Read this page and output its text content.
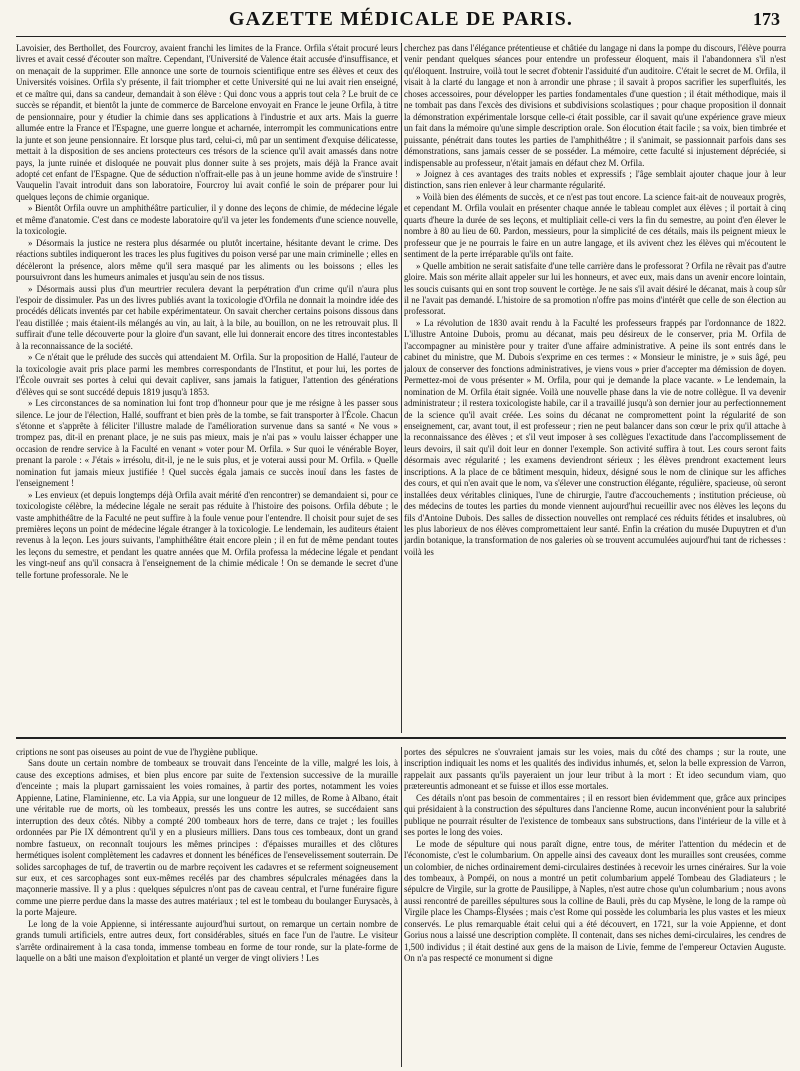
GAZETTE MÉDICALE DE PARIS.	173

Lavoisier, des Berthollet, des Fourcroy, avaient franchi les limites de la France. Orfila s'était procuré leurs livres et avait cessé d'écouter son maître. Cependant, l'Université de Valence était accusée d'insuffisance, et on menaçait de la supprimer. Elle annonce une sorte de tournois scientifique entre ses élèves et ceux des Universités voisines. Orfila s'y présente, il fait triompher et cette Université qui ne lui avait rien enseigné, et ce maître qui, dans sa candeur, demandait à son élève : Qui donc vous a appris tout cela ? Le bruit de ce succès se répandit, et bientôt la junte de commerce de Barcelone envoyait en France le jeune Orfila, à titre de pensionnaire, pour y étudier la chimie dans ses applications à l'industrie et aux arts. Mais la guerre allumée entre la France et l'Espagne, une guerre longue et acharnée, interrompit les communications entre la junte et son jeune pensionnaire. Et lorsque plus tard, celui-ci, mû par un sentiment d'exquise délicatesse, mettait à la disposition de ses anciens protecteurs ces trésors de la science qu'il avait amassés dans notre pays, la junte ruinée et disloquée ne pouvait plus donner suite à ses projets, mais déjà la France avait adopté cet enfant de l'Espagne. Que de séduction n'offrait-elle pas à un jeune homme avide de s'instruire ! Vauquelin l'avait introduit dans son laboratoire, Fourcroy lui avait confié le soin de préparer pour lui quelques leçons de chimie organique.

» Bientôt Orfila ouvre un amphithéâtre particulier, il y donne des leçons de chimie, de médecine légale et même d'anatomie. C'est dans ce modeste laboratoire qu'il va jeter les fondements d'une science nouvelle, la toxicologie.

» Désormais la justice ne restera plus désarmée ou plutôt incertaine, hésitante devant le crime. Des réactions subtiles indiqueront les traces les plus fugitives du poison versé par une main criminelle ; elles en décèleront la présence, alors même qu'il sera masqué par les aliments ou les boissons ; elles les poursuivront dans les humeurs animales et jusqu'au sein de nos tissus.

» Désormais aussi plus d'un meurtrier reculera devant la perpétration d'un crime qu'il n'aura plus l'espoir de dissimuler. Pas un des livres publiés avant la toxicologie d'Orfila ne donnait la moindre idée des procédés délicats inventés par cet habile expérimentateur. On savait chercher certains poisons dissous dans l'eau distillée ; mais étaient-ils mélangés au vin, au lait, à la bile, au bouillon, on ne les retrouvait plus. Il suffirait d'une telle découverte pour la gloire d'un savant, elle lui donnerait encore des titres incontestables à la reconnaissance de la société.

» Ce n'était que le prélude des succès qui attendaient M. Orfila. Sur la proposition de Hallé, l'auteur de la toxicologie avait pris place parmi les membres correspondants de l'Institut, et pour lui, les portes de l'École ouvrait ses portes à celui qui devait capliver, sans jamais la fatiguer, l'attention des générations d'élèves qui se sont succédé depuis 1819 jusqu'à 1853.

» Les circonstances de sa nomination lui font trop d'honneur pour que je me résigne à les passer sous silence. Le jour de l'élection, Hallé, souffrant et bien près de la tombe, se fait transporter à l'École. Chacun s'étonne et s'apprête à féliciter l'illustre malade de l'amélioration survenue dans sa santé « Ne vous » trompez pas, dit-il en prenant place, je ne suis pas mieux, mais je n'ai pas » voulu laisser échapper une occasion de rendre service à la Faculté en venant » voter pour M. Orfila. » Sur quoi le vénérable Boyer, prenant la parole : « J'étais » irrésolu, dit-il, je ne le suis plus, et je voterai aussi pour M. Orfila. » Quelle nomination fut jamais mieux justifiée ! Quel succès égala jamais ce succès inouï dans les fastes de l'enseignement !

» Les envieux (et depuis longtemps déjà Orfila avait mérité d'en rencontrer) se demandaient si, pour ce toxicologiste célèbre, la médecine légale ne serait pas réduite à l'histoire des poisons. Orfila débute ; le vaste amphithéâtre de la Faculté ne peut suffire à la foule venue pour l'entendre. Il choisit pour sujet de ses premières leçons un point de médecine légale étranger à la toxicologie. Le lendemain, les auditeurs étaient revenus à la leçon. Les jours suivants, l'amphithéâtre était encore plein ; il en fut de même pendant toutes les leçons du semestre, et pendant les quatre années que M. Orfila professa la médecine légale et pendant les vingt-neuf ans qu'il consacra à l'enseignement de la chimie médicale ! On se demande le secret d'une telle fortune professorale. Ne le

cherchez pas dans l'élégance prétentieuse et châtiée du langage ni dans la pompe du discours, l'élève pourra venir pendant quelques séances pour entendre un professeur éloquent, mais il l'abandonnera s'il n'est qu'éloquent. Instruire, voilà tout le secret d'obtenir l'assiduité d'un auditoire. C'était le secret de M. Orfila, il visait à la clarté du langage et non à arrondir une phrase ; il savait à propos sacrifier les superfluités, les choses accessoires, pour développer les parties fondamentales d'une question ; il était méthodique, mais il ne tombait pas dans l'excès des divisions et subdivisions scolastiques ; pour chaque proposition il donnait la démonstration expérimentale lorsque celle-ci était possible, car il savait qu'une expérience grave mieux un fait dans la mémoire qu'une simple description orale. Son élocution était facile ; sa voix, bien timbrée et puissante, pénétrait dans toutes les parties de l'amphithéâtre ; il s'animait, se passionnait parfois dans ses démonstrations, sans jamais cesser de se posséder. La mémoire, cette faculté si injustement dépréciée, si indispensable au professeur, n'était jamais en défaut chez M. Orfila.

» Joignez à ces avantages des traits nobles et expressifs ; l'âge semblait ajouter chaque jour à leur distinction, sans rien enlever à leur charmante régularité.

» Voilà bien des éléments de succès, et ce n'est pas tout encore. La science fait-ait de nouveaux progrès, et cependant M. Orfila voulait en présenter chaque année le tableau complet aux élèves ; il portait à cinq quarts d'heure la durée de ses leçons, et multipliait celle-ci vers la fin du semestre, au point d'en élever le nombre à 80 au lieu de 60. Pardon, messieurs, pour la simplicité de ces détails, mais ils peignent mieux le professeur que je ne pourrais le faire en un autre langage, et ils avivent chez les élèves qui m'écoutent le sentiment de la perte irréparable qu'ils ont faite.

» Quelle ambition ne serait satisfaite d'une telle carrière dans le professorat ? Orfila ne rêvait pas d'autre gloire. Mais son mérite allait appeler sur lui les honneurs, et avec eux, mais dans un avenir encore lointain, les soucis cuisants qui en sont trop souvent le cortège. Je ne sais s'il avait désiré le décanat, mais à coup sûr il ne l'avait pas demandé. L'histoire de sa promotion n'offre pas moins d'intérêt que celle de son élection au professorat.

» La révolution de 1830 avait rendu à la Faculté les professeurs frappés par l'ordonnance de 1822. L'illustre Antoine Dubois, promu au décanat, mais peu désireux de le conserver, pria M. Orfila de l'accompagner au ministère pour y traiter d'une affaire administrative. A peine ils sont entrés dans le cabinet du ministre, que M. Dubois s'exprime en ces termes : « Monsieur le ministre, je » suis âgé, peu jaloux de conserver des fonctions administratives, je viens vous » prier d'accepter ma démission de doyen. Permettez-moi de vous présenter » M. Orfila, pour qui je demande la place vacante. » Le lendemain, la nomination de M. Orfila était signée. Voilà une nouvelle phase dans la vie de notre collègue. Il va devenir administrateur ; il restera toxicologiste habile, car il a travaillé jusqu'à son dernier jour au perfectionnement de la science qu'il avait créée. Les soins du décanat ne compromettent point la régularité de son enseignement, car, avant tout, il est professeur ; rien ne peut balancer dans son cœur le prix qu'il attache à la reconnaissance des élèves ; et s'il veut imposer à ses collègues l'exactitude dans l'accomplissement de leurs devoirs, il sait qu'il doit leur en donner l'exemple. Son activité suffira à tout. Les cours seront faits désormais avec régularité ; les examens deviendront sérieux ; les élèves prendront exactement leurs inscriptions. A la place de ce bâtiment mesquin, hideux, désigné sous le nom de clinique sur les affiches des cours, et qui n'en avait que le nom, va s'élever une construction élégante, régulière, spacieuse, où seront installées deux véritables cliniques, l'une de chirurgie, l'autre d'accouchements ; institution précieuse, où des médecins de toutes les parties du monde viennent aujourd'hui recueillir avec nos élèves les leçons du fils d'Antoine Dubois. Des salles de dissection nouvelles ont remplacé ces réduits fétides et insalubres, où les plus laborieux de nos élèves compromettaient leur santé. Enfin la création du musée Dupuytren et d'un jardin botanique, la transformation de nos galeries où se trouvent accumulées aujourd'hui tant de richesses : voilà les

criptions ne sont pas oiseuses au point de vue de l'hygiène publique.

Sans doute un certain nombre de tombeaux se trouvait dans l'enceinte de la ville, malgré les lois, à cause des exceptions admises, et bien plus encore par suite de l'extension successive de la muraille d'enceinte ; mais la plupart garnissaient les voies romaines, à partir des portes, notamment les voies Appienne, Latine, Flaminienne, etc. La via Appia, sur une longueur de 12 milles, de Rome à Albano, était une véritable rue de morts, où les tombeaux, pressés les uns contre les autres, se succédaient sans interruption des deux côtés. Nibby a compté 200 tombeaux hors de terre, dans ce trajet ; les fouilles ordonnées par Pie IX démontrent qu'il y en a plusieurs milliers. Dans tous ces tombeaux, dont un grand nombre fastueux, on reconnaît toujours les mêmes principes : d'épaisses murailles et des clôtures hermétiques isolent complètement les cadavres et donnent les bénéfices de l'ensevelissement souterrain. De solides sarcophages de tuf, de travertin ou de marbre reçoivent les cadavres et se referment soigneusement sur eux, et ces sarcophages sont eux-mêmes recélés par des chambres sépulcrales ménagées dans la maçonnerie massive. Il y a plus : quelques sépulcres n'ont pas de caveau central, et l'urne funéraire figure comme une pierre perdue dans la masse des autres matériaux ; tel est le tombeau du boulanger Eurysacès, à la porte Majeure.

Le long de la voie Appienne, si intéressante aujourd'hui surtout, on remarque un certain nombre de grands tumuli artificiels, entre autres deux, fort considérables, situés en face l'un de l'autre. Le visiteur s'arrête ordinairement à la casa tonda, immense tombeau en forme de tour ronde, sur la plate-forme de laquelle on a bâti une maison d'exploitation et planté un verger de vingt oliviers ! Les

portes des sépulcres ne s'ouvraient jamais sur les voies, mais du côté des champs ; sur la route, une inscription indiquait les noms et les qualités des individus inhumés, et, selon la belle expression de Varron, rappelait aux passants qu'ils payeraient un jour leur tribut à la mort : Et ideo secundum viam, quo prætereuntis admoneant et se fuisse et illos esse mortales.

Ces détails n'ont pas besoin de commentaires ; il en ressort bien évidemment que, grâce aux principes qui présidaient à la construction des sépultures dans l'ancienne Rome, aucun inconvénient pour la salubrité publique ne pourrait résulter de l'existence de tombeaux sans substructions, dans l'intérieur de la ville et à ses portes le long des voies.

Le mode de sépulture qui nous paraît digne, entre tous, de mériter l'attention du médecin et de l'économiste, c'est le columbarium. On appelle ainsi des caveaux dont les murailles sont creusées, comme un colombier, de niches ordinairement demi-circulaires destinées à recevoir les urnes cinéraires. Sur la voie des tombeaux, à Pompéi, on nous a montré un petit columbarium appelé Tombeau des Gladiateurs ; le sépulcre de Virgile, sur la grotte de Pausilippe, à Naples, n'est autre chose qu'un columbarium ; nous avons aussi rencontré de pareilles sépultures sous la colline de Bauli, près du cap Mysène, le long de la rampe où Virgile place les Champs-Élysées ; mais c'est Rome qui possède les columbaria les plus vastes et les mieux conservés. Le plus remarquable était celui qui a été découvert, en 1721, sur la voie Appienne, et dont Gorius nous a laissé une description complète. Il contenait, dans ses niches demi-circulaires, les cendres de 1,500 individus ; il était destiné aux gens de la maison de Livie, femme de l'empereur Octavien Auguste. On n'a pas respecté ce monument si digne
